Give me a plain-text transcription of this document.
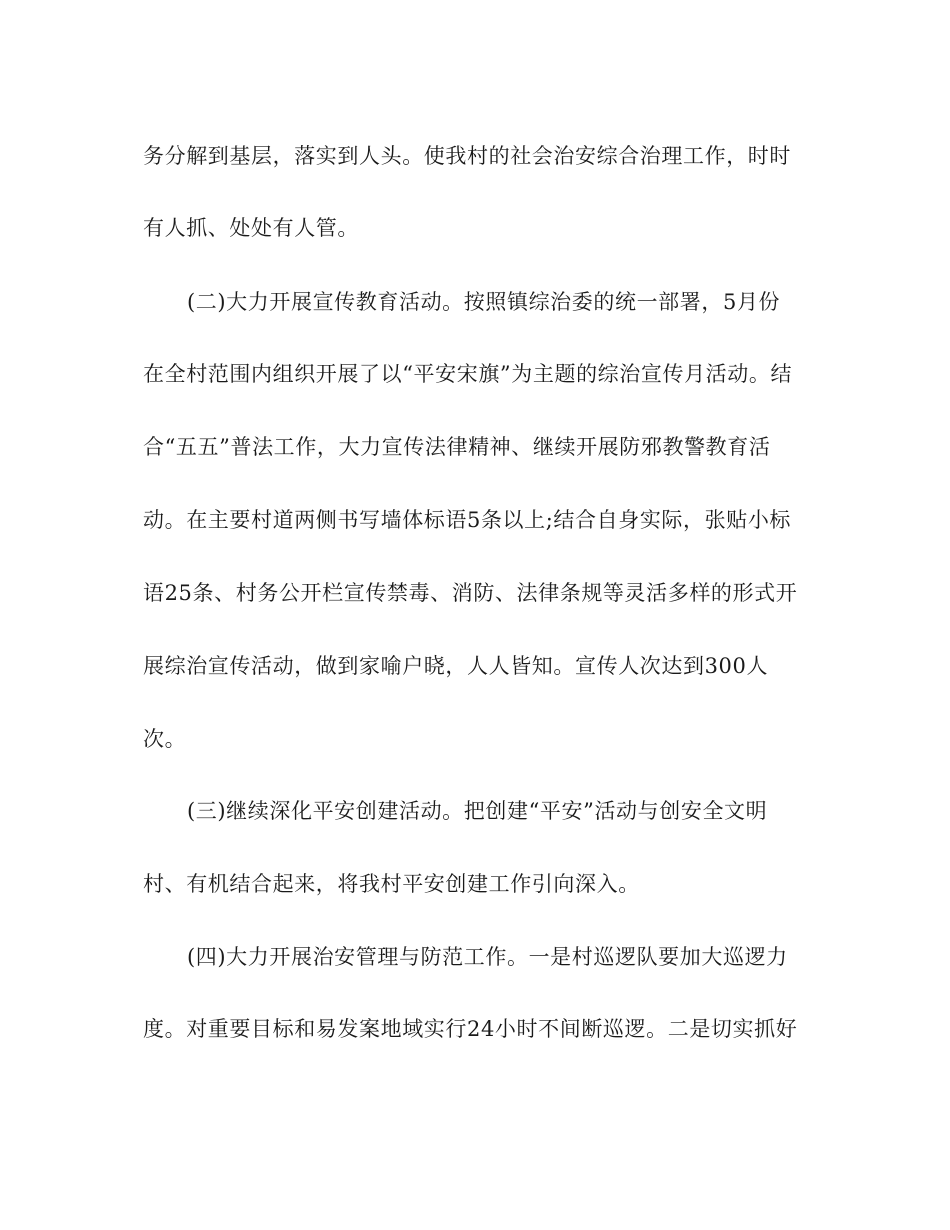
务分解到基层，落实到人头。使我村的社会治安综合治理工作，时时
有人抓、处处有人管。
(二)大力开展宣传教育活动。按照镇综治委的统一部署，5月份
在全村范围内组织开展了以“平安宋旗”为主题的综治宣传月活动。结
合“五五”普法工作，大力宣传法律精神、继续开展防邪教警教育活
动。在主要村道两侧书写墙体标语5条以上;结合自身实际，张贴小标
语25条、村务公开栏宣传禁毒、消防、法律条规等灵活多样的形式开
展综治宣传活动，做到家喻户晓，人人皆知。宣传人次达到300人
次。
(三)继续深化平安创建活动。把创建“平安”活动与创安全文明
村、有机结合起来，将我村平安创建工作引向深入。
(四)大力开展治安管理与防范工作。一是村巡逻队要加大巡逻力
度。对重要目标和易发案地域实行24小时不间断巡逻。二是切实抓好
